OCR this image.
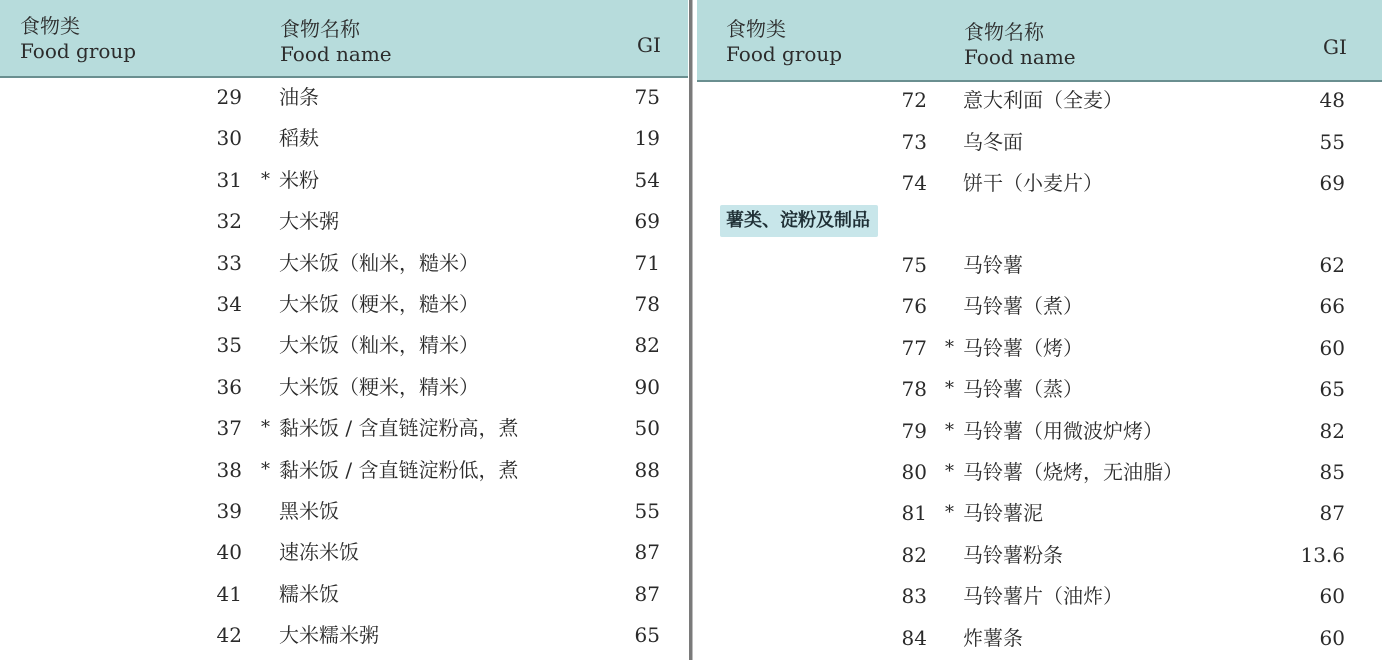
食物类
Food group
食物名称
Food name	GI
29 油条	75
30 稻麸	19
31 * 米粉	54
32 大米粥	69
33 大米饭（籼米，糙米）	71
34 大米饭（粳米，糙米）	78
35 大米饭（籼米，精米）	82
36 大米饭（粳米，精米）	90
37 * 黏米饭 / 含直链淀粉高，煮	50
38 * 黏米饭 / 含直链淀粉低，煮	88
39 黑米饭	55
40 速冻米饭	87
41 糯米饭	87
42 大米糯米粥	65
食物类
Food group
食物名称
Food name	GI
72 意大利面（全麦）	48
73 乌冬面	55
74 饼干（小麦片）	69
75 马铃薯	62
76 马铃薯（煮）	66
77 * 马铃薯（烤）	60
78 * 马铃薯（蒸）	65
79 * 马铃薯（用微波炉烤）	82
80 * 马铃薯（烧烤，无油脂）	85
81 * 马铃薯泥	87
82 马铃薯粉条	13.6
83 马铃薯片（油炸）	60
84 炸薯条	60
薯类、淀粉及制品
